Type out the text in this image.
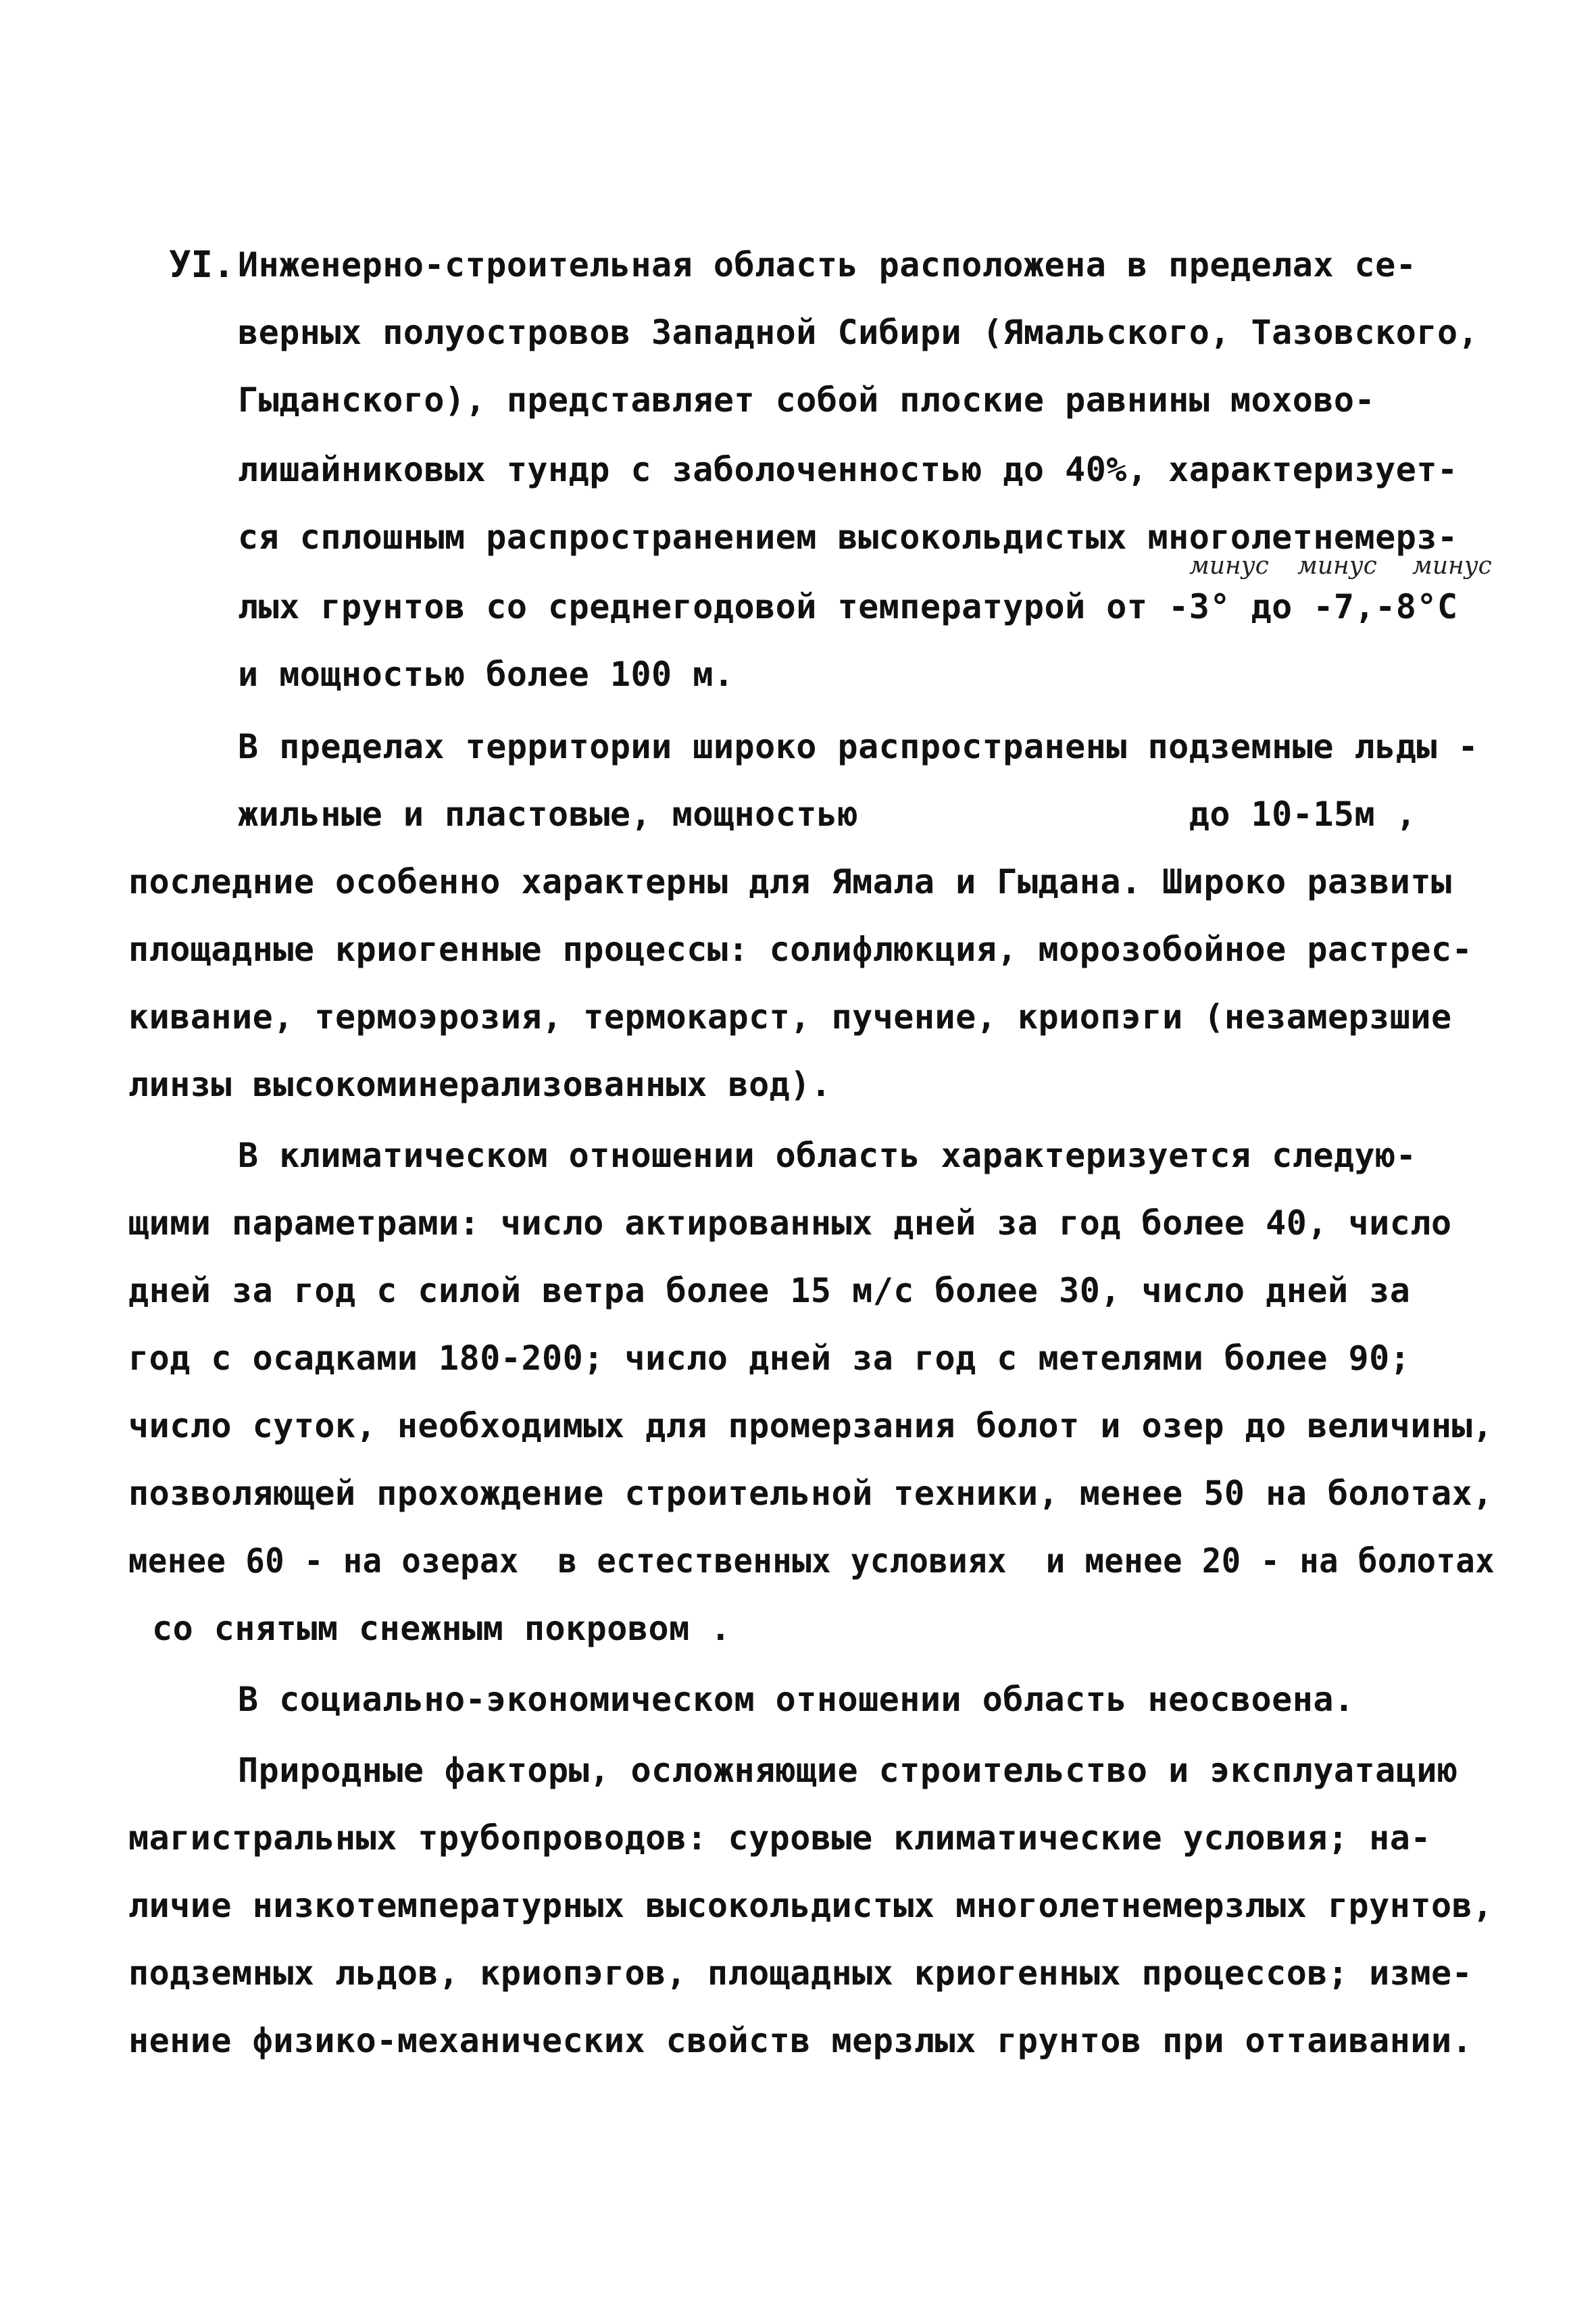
УI. Инженерно-строительная область расположена в пределах се-
верных полуостровов Западной Сибири (Ямальского, Тазовского,
Гыданского), представляет собой плоские равнины мохово-
лишайниковых тундр с заболоченностью до 40%, характеризует-
ся сплошным распространением высокольдистых многолетнемерз-
минус минус минус
лых грунтов со среднегодовой температурой от -3° до -7,-8°С
и мощностью более 100 м.
В пределах территории широко распространены подземные льды -
жильные и пластовые, мощностью                до 10-15м ,
последние особенно характерны для Ямала и Гыдана. Широко развиты
площадные криогенные процессы: солифлюкция, морозобойное растрес-
кивание, термоэрозия, термокарст, пучение, криопэги (незамерзшие
линзы высокоминерализованных вод).
В климатическом отношении область характеризуется следую-
щими параметрами: число актированных дней за год более 40, число
дней за год с силой ветра более 15 м/с более 30, число дней за
год с осадками 180-200; число дней за год с метелями более 90;
число суток, необходимых для промерзания болот и озер до величины,
позволяющей прохождение строительной техники, менее 50 на болотах,
менее 60 - на озерах  в естественных условиях  и менее 20 - на болотах
со снятым снежным покровом .
В социально-экономическом отношении область неосвоена.
Природные факторы, осложняющие строительство и эксплуатацию
магистральных трубопроводов: суровые климатические условия; на-
личие низкотемпературных высокольдистых многолетнемерзлых грунтов,
подземных льдов, криопэгов, площадных криогенных процессов; изме-
нение физико-механических свойств мерзлых грунтов при оттаивании.
